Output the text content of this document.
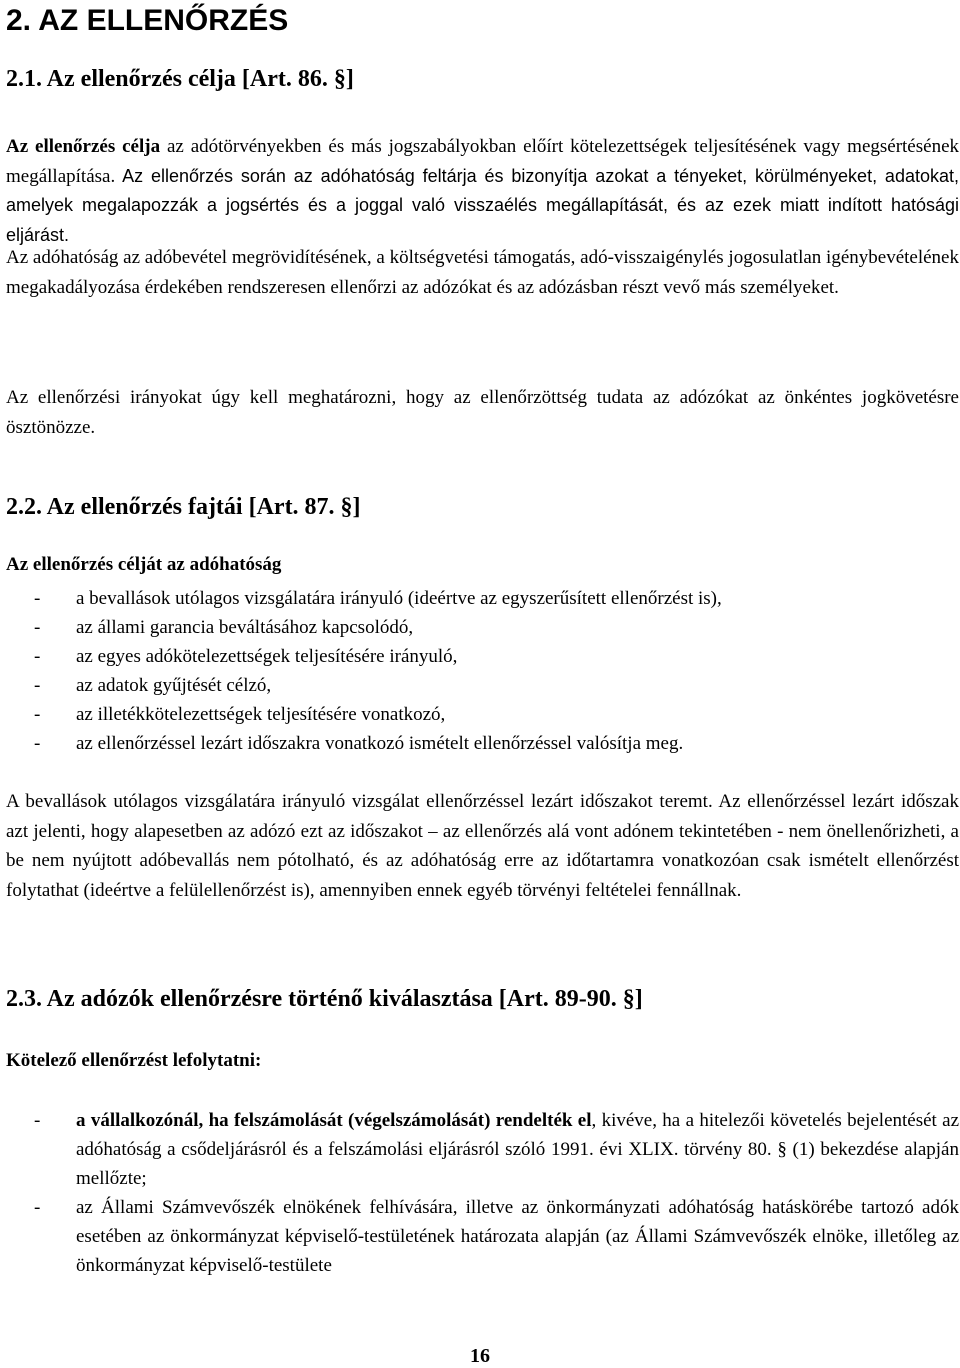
2. AZ ELLENŐRZÉS
2.1. Az ellenőrzés célja [Art. 86. §]
Az ellenőrzés célja az adótörvényekben és más jogszabályokban előírt kötelezettségek teljesítésének vagy megsértésének megállapítása. Az ellenőrzés során az adóhatóság feltárja és bizonyítja azokat a tényeket, körülményeket, adatokat, amelyek megalapozzák a jogsértés és a joggal való visszaélés megállapítását, és az ezek miatt indított hatósági eljárást.
Az adóhatóság az adóbevétel megrövidítésének, a költségvetési támogatás, adó-visszaigénylés jogosulatlan igénybevételének megakadályozása érdekében rendszeresen ellenőrzi az adózókat és az adózásban részt vevő más személyeket.
Az ellenőrzési irányokat úgy kell meghatározni, hogy az ellenőrzöttség tudata az adózókat az önkéntes jogkövetésre ösztönözze.
2.2. Az ellenőrzés fajtái [Art. 87. §]
Az ellenőrzés célját az adóhatóság
- a bevallások utólagos vizsgálatára irányuló (ideértve az egyszerűsített ellenőrzést is),
- az állami garancia beváltásához kapcsolódó,
- az egyes adókötelezettségek teljesítésére irányuló,
- az adatok gyűjtését célzó,
- az illetékkötelezettségek teljesítésére vonatkozó,
- az ellenőrzéssel lezárt időszakra vonatkozó ismételt ellenőrzéssel valósítja meg.
A bevallások utólagos vizsgálatára irányuló vizsgálat ellenőrzéssel lezárt időszakot teremt. Az ellenőrzéssel lezárt időszak azt jelenti, hogy alapesetben az adózó ezt az időszakot – az ellenőrzés alá vont adónem tekintetében - nem önellenőrizheti, a be nem nyújtott adóbevallás nem pótolható, és az adóhatóság erre az időtartamra vonatkozóan csak ismételt ellenőrzést folytathat (ideértve a felülellenőrzést is), amennyiben ennek egyéb törvényi feltételei fennállnak.
2.3. Az adózók ellenőrzésre történő kiválasztása [Art. 89-90. §]
Kötelező ellenőrzést lefolytatni:
- a vállalkozónál, ha felszámolását (végelszámolását) rendelték el, kivéve, ha a hitelezői követelés bejelentését az adóhatóság a csődeljárásról és a felszámolási eljárásról szóló 1991. évi XLIX. törvény 80. § (1) bekezdése alapján mellőzte;
- az Állami Számvevőszék elnökének felhívására, illetve az önkormányzati adóhatóság hatáskörébe tartozó adók esetében az önkormányzat képviselő-testületének határozata alapján (az Állami Számvevőszék elnöke, illetőleg az önkormányzat képviselő-testülete
16
